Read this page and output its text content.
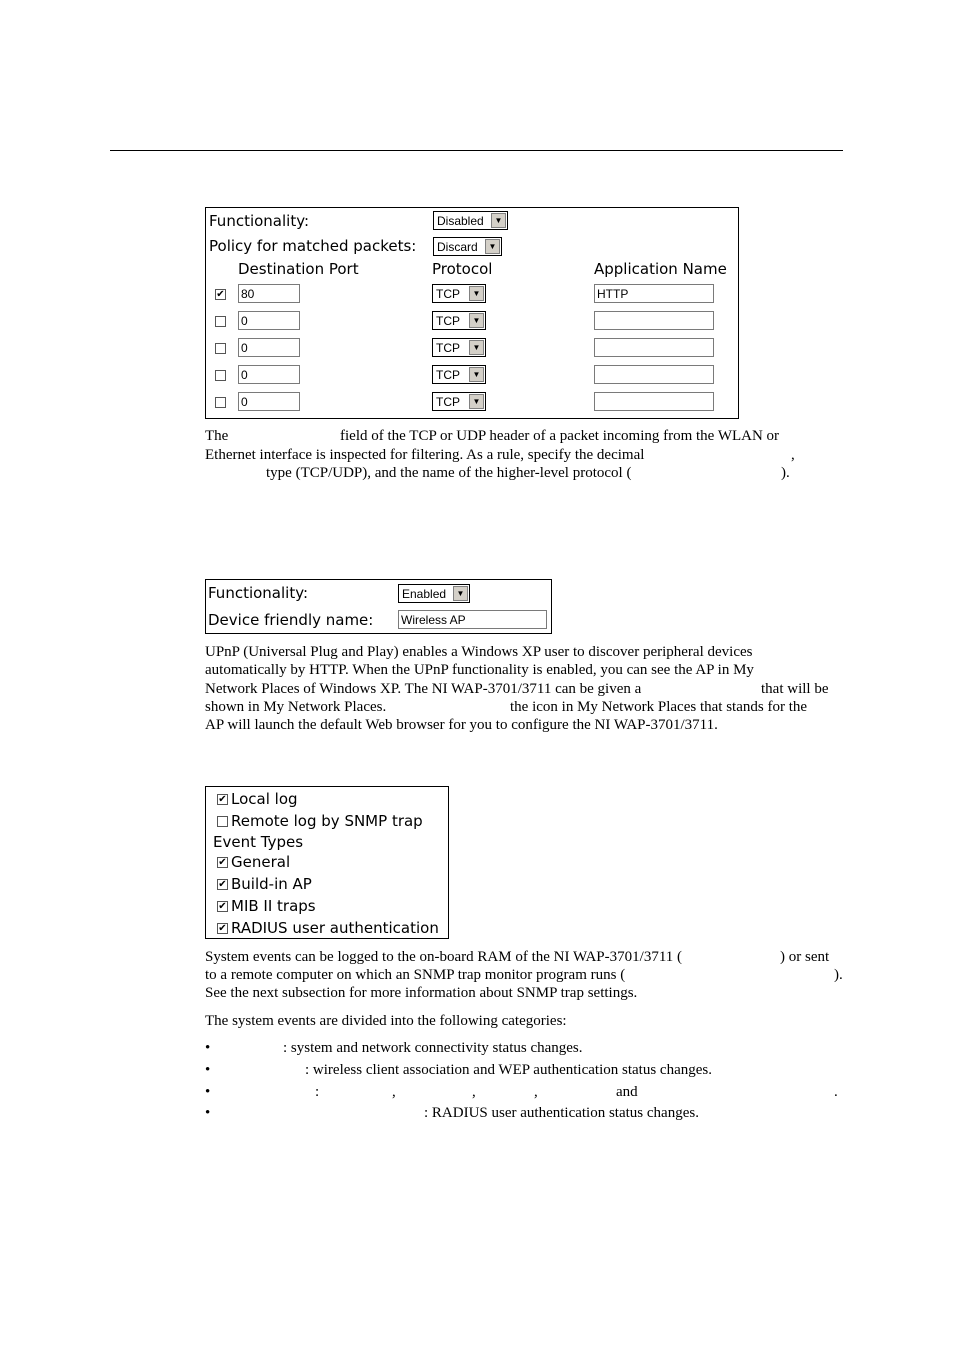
Functionality:	Disabled	▼
Policy for matched packets: Discard	▼
Destination Port	Protocol	Application Name
✔ 80	TCP	▼	HTTP
0	TCP	▼
0	TCP	▼
0	TCP	▼
0	TCP	▼
The	field of the TCP or UDP header of a packet incoming from the WLAN or
Ethernet interface is inspected for filtering. As a rule, specify the decimal	,
type (TCP/UDP), and the name of the higher-level protocol (	).
Functionality:	Enabled	▼
Device friendly name: Wireless AP
UPnP (Universal Plug and Play) enables a Windows XP user to discover peripheral devices
automatically by HTTP. When the UPnP functionality is enabled, you can see the AP in My
Network Places of Windows XP. The NI WAP-3701/3711 can be given a	that will be
shown in My Network Places.	the icon in My Network Places that stands for the
AP will launch the default Web browser for you to configure the NI WAP-3701/3711.
✔ Local log
Remote log by SNMP trap
Event Types
✔ General
✔ Build-in AP
✔ MIB II traps
✔ RADIUS user authentication
System events can be logged to the on-board RAM of the NI WAP-3701/3711 (	) or sent
to a remote computer on which an SNMP trap monitor program runs (	).
See the next subsection for more information about SNMP trap settings.
The system events are divided into the following categories:
•	: system and network connectivity status changes.
•	: wireless client association and WEP authentication status changes.
•	:	,	,	,	and	.
•	: RADIUS user authentication status changes.
